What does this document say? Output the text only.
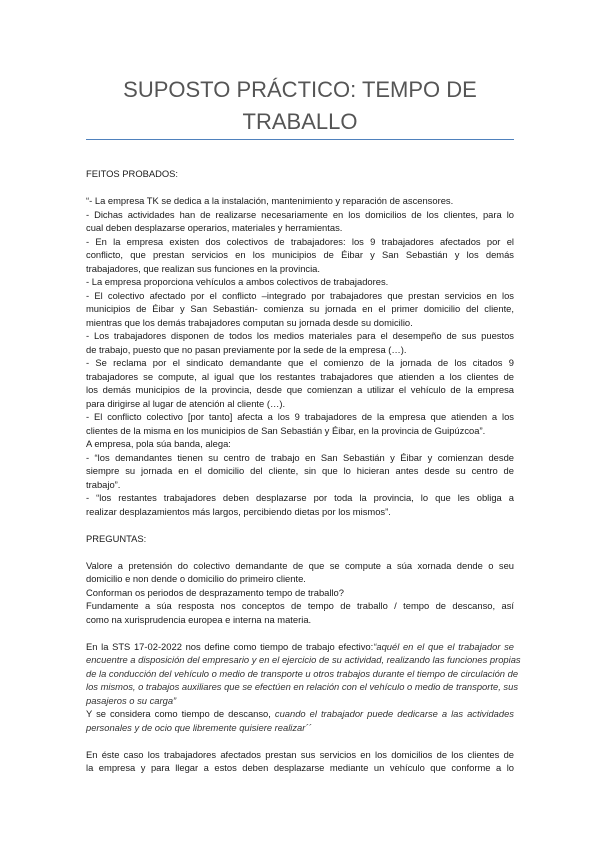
SUPOSTO PRÁCTICO: TEMPO DE
TRABALLO
FEITOS PROBADOS:
“- La empresa TK se dedica a la instalación, mantenimiento y reparación de ascensores.
- Dichas actividades han de realizarse necesariamente en los domicilios de los clientes, para lo
cual deben desplazarse operarios, materiales y herramientas.
- En la empresa existen dos colectivos de trabajadores: los 9 trabajadores afectados por el
conflicto, que prestan servicios en los municipios de Éibar y San Sebastián y los demás
trabajadores, que realizan sus funciones en la provincia.
- La empresa proporciona vehículos a ambos colectivos de trabajadores.
- El colectivo afectado por el conflicto –integrado por trabajadores que prestan servicios en los
municipios de Éibar y San Sebastián- comienza su jornada en el primer domicilio del cliente,
mientras que los demás trabajadores computan su jornada desde su domicilio.
- Los trabajadores disponen de todos los medios materiales para el desempeño de sus puestos
de trabajo, puesto que no pasan previamente por la sede de la empresa (…).
- Se reclama por el sindicato demandante que el comienzo de la jornada de los citados 9
trabajadores se compute, al igual que los restantes trabajadores que atienden a los clientes de
los demás municipios de la provincia, desde que comienzan a utilizar el vehículo de la empresa
para dirigirse al lugar de atención al cliente (…).
- El conflicto colectivo [por tanto] afecta a los 9 trabajadores de la empresa que atienden a los
clientes de la misma en los municipios de San Sebastián y Éibar, en la provincia de Guipúzcoa”.
A empresa, pola súa banda, alega:
- “los demandantes tienen su centro de trabajo en San Sebastián y Éibar y comienzan desde
siempre su jornada en el domicilio del cliente, sin que lo hicieran antes desde su centro de
trabajo”.
- “los restantes trabajadores deben desplazarse por toda la provincia, lo que les obliga a
realizar desplazamientos más largos, percibiendo dietas por los mismos”.
PREGUNTAS:
Valore a pretensión do colectivo demandante de que se compute a súa xornada dende o seu
domicilio e non dende o domicilio do primeiro cliente.
Conforman os periodos de desprazamento tempo de traballo?
Fundamente a súa resposta nos conceptos de tempo de traballo / tempo de descanso, así
como na xurisprudencia europea e interna na materia.
En la STS 17-02-2022 nos define como tiempo de trabajo efectivo:“aquél en el que el trabajador se
encuentre a disposición del empresario y en el ejercicio de su actividad, realizando las funciones propias
de la conducción del vehículo o medio de transporte u otros trabajos durante el tiempo de circulación de
los mismos, o trabajos auxiliares que se efectúen en relación con el vehículo o medio de transporte, sus
pasajeros o su carga”
Y se considera como tiempo de descanso, cuando el trabajador puede dedicarse a las actividades
personales y de ocio que libremente quisiere realizar´´
En éste caso los trabajadores afectados prestan sus servicios en los domicilios de los clientes de
la empresa y para llegar a estos deben desplazarse mediante un vehículo que conforme a lo
